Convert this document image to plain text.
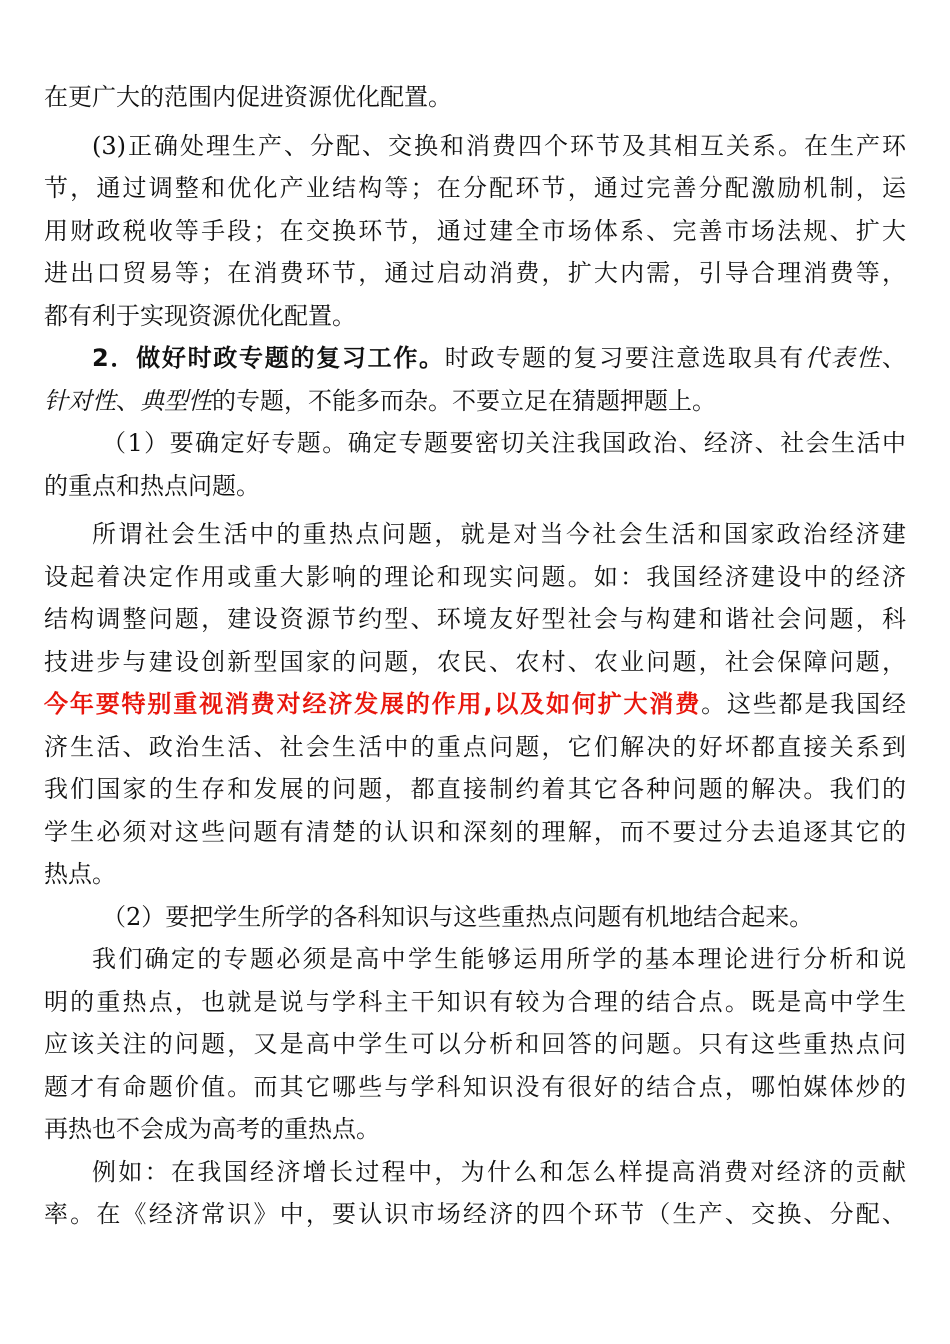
在更广大的范围内促进资源优化配置。
(3)正确处理生产、分配、交换和消费四个环节及其相互关系。在生产环
节，通过调整和优化产业结构等；在分配环节，通过完善分配激励机制，运
用财政税收等手段；在交换环节，通过建全市场体系、完善市场法规、扩大
进出口贸易等；在消费环节，通过启动消费，扩大内需，引导合理消费等，
都有利于实现资源优化配置。
2．做好时政专题的复习工作。时政专题的复习要注意选取具有代表性、
针对性、典型性的专题，不能多而杂。不要立足在猜题押题上。
（1）要确定好专题。确定专题要密切关注我国政治、经济、社会生活中
的重点和热点问题。
所谓社会生活中的重热点问题，就是对当今社会生活和国家政治经济建
设起着决定作用或重大影响的理论和现实问题。如：我国经济建设中的经济
结构调整问题，建设资源节约型、环境友好型社会与构建和谐社会问题，科
技进步与建设创新型国家的问题，农民、农村、农业问题，社会保障问题，
今年要特别重视消费对经济发展的作用,以及如何扩大消费。这些都是我国经
济生活、政治生活、社会生活中的重点问题，它们解决的好坏都直接关系到
我们国家的生存和发展的问题，都直接制约着其它各种问题的解决。我们的
学生必须对这些问题有清楚的认识和深刻的理解，而不要过分去追逐其它的
热点。
（2）要把学生所学的各科知识与这些重热点问题有机地结合起来。
我们确定的专题必须是高中学生能够运用所学的基本理论进行分析和说
明的重热点，也就是说与学科主干知识有较为合理的结合点。既是高中学生
应该关注的问题，又是高中学生可以分析和回答的问题。只有这些重热点问
题才有命题价值。而其它哪些与学科知识没有很好的结合点，哪怕媒体炒的
再热也不会成为高考的重热点。
例如：在我国经济增长过程中，为什么和怎么样提高消费对经济的贡献
率。在《经济常识》中，要认识市场经济的四个环节（生产、交换、分配、
